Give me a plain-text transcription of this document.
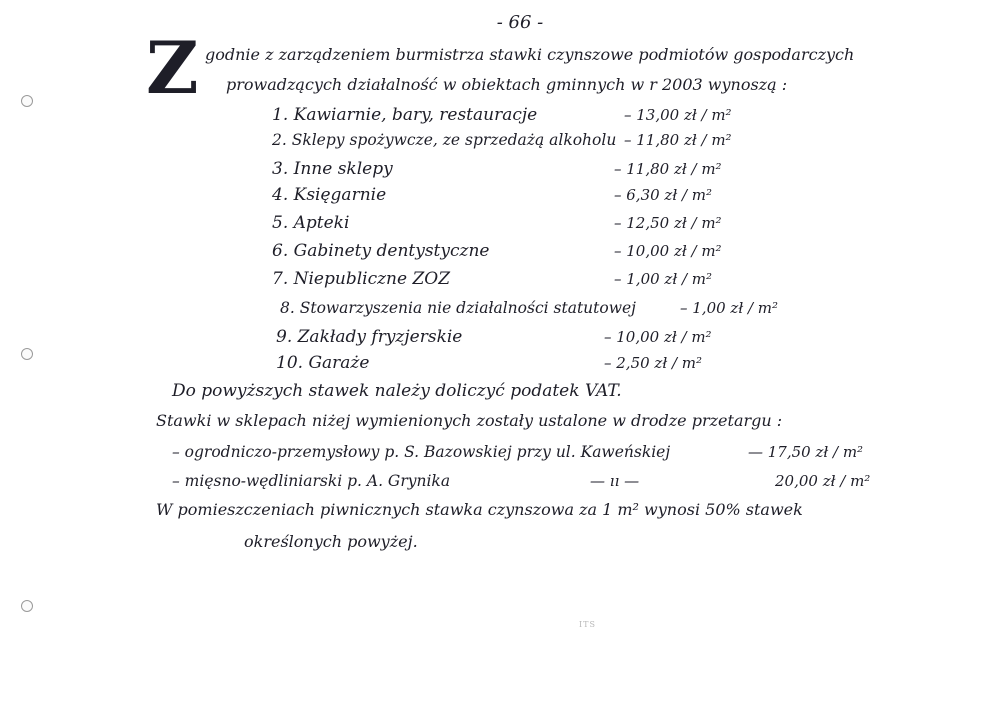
- 66 -
Z godnie z zarządzeniem burmistrza stawki czynszowe podmiotów gospodarczych
prowadzących działalność w obiektach gminnych w r 2003 wynoszą :
1. Kawiarnie, bary, restauracje	– 13,00 zł / m²
2. Sklepy spożywcze, ze sprzedażą alkoholu – 11,80 zł / m²
3. Inne sklepy	– 11,80 zł / m²
4. Księgarnie	– 6,30 zł / m²
5. Apteki	– 12,50 zł / m²
6. Gabinety dentystyczne	– 10,00 zł / m²
7. Niepubliczne ZOZ	– 1,00 zł / m²
8. Stowarzyszenia nie działalności statutowej	– 1,00 zł / m²
9. Zakłady fryzjerskie	– 10,00 zł / m²
10. Garaże	– 2,50 zł / m²
Do powyższych stawek należy doliczyć podatek VAT.
Stawki w sklepach niżej wymienionych zostały ustalone w drodze przetargu :
– ogrodniczo-przemysłowy p. S. Bazowskiej przy ul. Kaweńskiej	— 17,50 zł / m²
– mięsno-wędliniarski p. A. Grynika	— ıı —	20,00 zł / m²
W pomieszczeniach piwnicznych stawka czynszowa za 1 m² wynosi 50% stawek
określonych powyżej.
ITS
